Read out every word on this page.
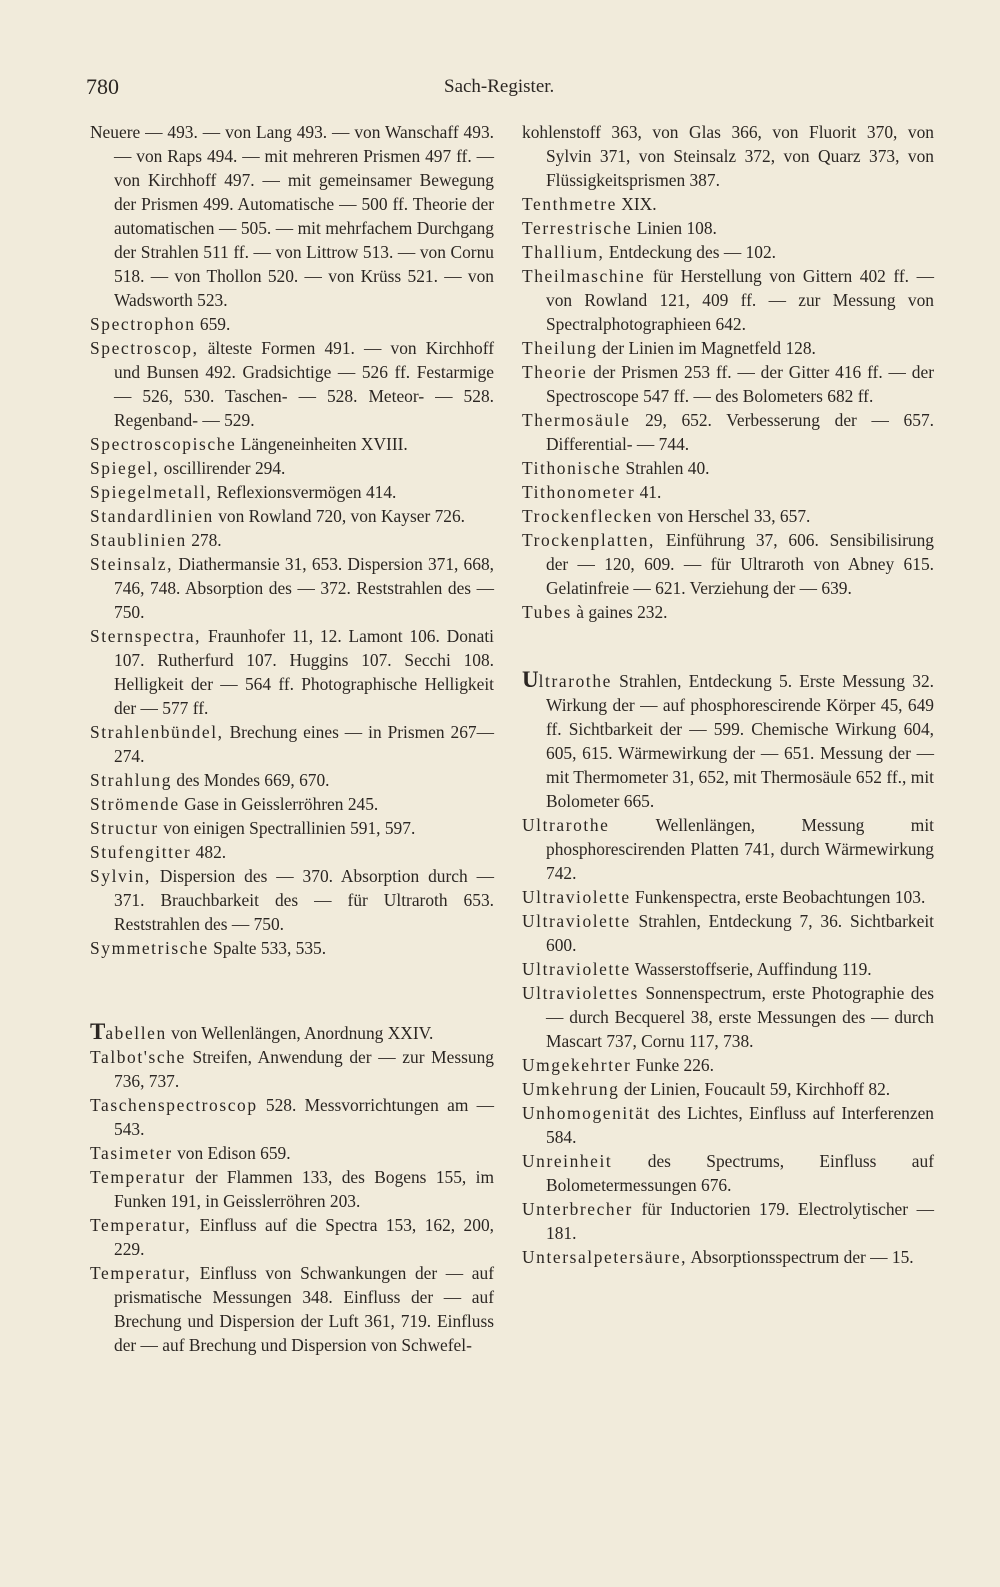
780	Sach-Register.
Neuere — 493. — von Lang 493. — von Wanschaff 493. — von Raps 494. — mit mehreren Prismen 497 ff. — von Kirchhoff 497. — mit gemeinsamer Bewegung der Prismen 499. Automatische — 500 ff. Theorie der automatischen — 505. — mit mehrfachem Durchgang der Strahlen 511 ff. — von Littrow 513. — von Cornu 518. — von Thollon 520. — von Krüss 521. — von Wadsworth 523.
Spectrophon 659.
Spectroscop, älteste Formen 491. — von Kirchhoff und Bunsen 492. Gradsichtige — 526 ff. Festarmige — 526, 530. Taschen- — 528. Meteor- — 528. Regenband- — 529.
Spectroscopische Längeneinheiten XVIII.
Spiegel, oscillirender 294.
Spiegelmetall, Reflexionsvermögen 414.
Standardlinien von Rowland 720, von Kayser 726.
Staublinien 278.
Steinsalz, Diathermansie 31, 653. Dispersion 371, 668, 746, 748. Absorption des — 372. Reststrahlen des — 750.
Sternspectra, Fraunhofer 11, 12. Lamont 106. Donati 107. Rutherfurd 107. Huggins 107. Secchi 108. Helligkeit der — 564 ff. Photographische Helligkeit der — 577 ff.
Strahlenbündel, Brechung eines — in Prismen 267—274.
Strahlung des Mondes 669, 670.
Strömende Gase in Geisslerröhren 245.
Structur von einigen Spectrallinien 591, 597.
Stufengitter 482.
Sylvin, Dispersion des — 370. Absorption durch — 371. Brauchbarkeit des — für Ultraroth 653. Reststrahlen des — 750.
Symmetrische Spalte 533, 535.
Tabellen von Wellenlängen, Anordnung XXIV.
Talbot'sche Streifen, Anwendung der — zur Messung 736, 737.
Taschenspectroscop 528. Messvorrichtungen am — 543.
Tasimeter von Edison 659.
Temperatur der Flammen 133, des Bogens 155, im Funken 191, in Geisslerröhren 203.
Temperatur, Einfluss auf die Spectra 153, 162, 200, 229.
Temperatur, Einfluss von Schwankungen der — auf prismatische Messungen 348. Einfluss der — auf Brechung und Dispersion der Luft 361, 719. Einfluss der — auf Brechung und Dispersion von Schwefel-
kohlenstoff 363, von Glas 366, von Fluorit 370, von Sylvin 371, von Steinsalz 372, von Quarz 373, von Flüssigkeitsprismen 387.
Tenthmetre XIX.
Terrestrische Linien 108.
Thallium, Entdeckung des — 102.
Theilmaschine für Herstellung von Gittern 402 ff. — von Rowland 121, 409 ff. — zur Messung von Spectralphotographieen 642.
Theilung der Linien im Magnetfeld 128.
Theorie der Prismen 253 ff. — der Gitter 416 ff. — der Spectroscope 547 ff. — des Bolometers 682 ff.
Thermosäule 29, 652. Verbesserung der — 657. Differential- — 744.
Tithonische Strahlen 40.
Tithonometer 41.
Trockenflecken von Herschel 33, 657.
Trockenplatten, Einführung 37, 606. Sensibilisirung der — 120, 609. — für Ultraroth von Abney 615. Gelatinfreie — 621. Verziehung der — 639.
Tubes à gaines 232.
Ultrarothe Strahlen, Entdeckung 5. Erste Messung 32. Wirkung der — auf phosphorescirende Körper 45, 649 ff. Sichtbarkeit der — 599. Chemische Wirkung 604, 605, 615. Wärmewirkung der — 651. Messung der — mit Thermometer 31, 652, mit Thermosäule 652 ff., mit Bolometer 665.
Ultrarothe	Wellenlängen, Messung mit phosphorescirenden Platten 741, durch Wärmewirkung 742.
Ultraviolette Funkenspectra, erste Beobachtungen 103.
Ultraviolette Strahlen, Entdeckung 7, 36. Sichtbarkeit 600.
Ultraviolette Wasserstoffserie, Auffindung 119.
Ultraviolettes Sonnenspectrum, erste Photographie des — durch Becquerel 38, erste Messungen des — durch Mascart 737, Cornu 117, 738.
Umgekehrter Funke 226.
Umkehrung der Linien, Foucault 59, Kirchhoff 82.
Unhomogenität des Lichtes, Einfluss auf Interferenzen 584.
Unreinheit des Spectrums, Einfluss auf Bolometermessungen 676.
Unterbrecher für Inductorien 179. Electrolytischer — 181.
Untersalpetersäure, Absorptionsspectrum der — 15.
